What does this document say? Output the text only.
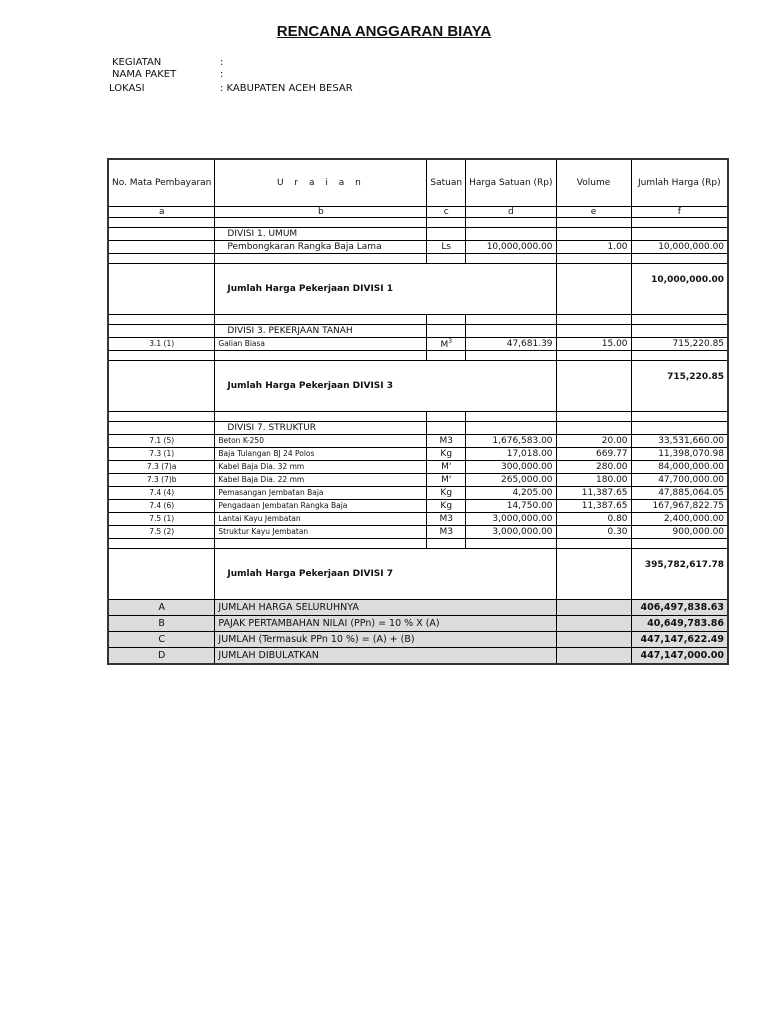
RENCANA ANGGARAN BIAYA
KEGIATAN	:
NAMA PAKET	:
LOKASI	: KABUPATEN ACEH BESAR
No. Mata Pembayaran	U r a i a n	Satuan	Harga Satuan (Rp)	Volume	Jumlah Harga (Rp)
a	b	c	d	e	f

	DIVISI 1. UMUM				
	Pembongkaran Rangka Baja Lama	Ls	10,000,000.00	1.00	10,000,000.00

	Jumlah Harga Pekerjaan DIVISI 1				10,000,000.00

	DIVISI 3. PEKERJAAN TANAH				
3.1 (1)	Galian Biasa	$M^3$	47,681.39	15.00	715,220.85

	Jumlah Harga Pekerjaan DIVISI 3				715,220.85

	DIVISI 7. STRUKTUR				
7.1 (5)	Beton K-250	M3	1,676,583.00	20.00	33,531,660.00
7.3 (1)	Baja Tulangan BJ 24 Polos	Kg	17,018.00	669.77	11,398,070.98
7.3 (7)a	Kabel Baja Dia. 32 mm	M'	300,000.00	280.00	84,000,000.00
7.3 (7)b	Kabel Baja Dia. 22 mm	M'	265,000.00	180.00	47,700,000.00
7.4 (4)	Pemasangan Jembatan Baja	Kg	4,205.00	11,387.65	47,885,064.05
7.4 (6)	Pengadaan Jembatan Rangka Baja	Kg	14,750.00	11,387.65	167,967,822.75
7.5 (1)	Lantai Kayu Jembatan	M3	3,000,000.00	0.80	2,400,000.00
7.5 (2)	Struktur Kayu Jembatan	M3	3,000,000.00	0.30	900,000.00

	Jumlah Harga Pekerjaan DIVISI 7				395,782,617.78
A	JUMLAH HARGA SELURUHNYA				406,497,838.63
B	PAJAK PERTAMBAHAN NILAI (PPn) = 10 % X (A)				40,649,783.86
C	JUMLAH (Termasuk PPn 10 %) = (A) + (B)				447,147,622.49
D	JUMLAH DIBULATKAN				447,147,000.00
